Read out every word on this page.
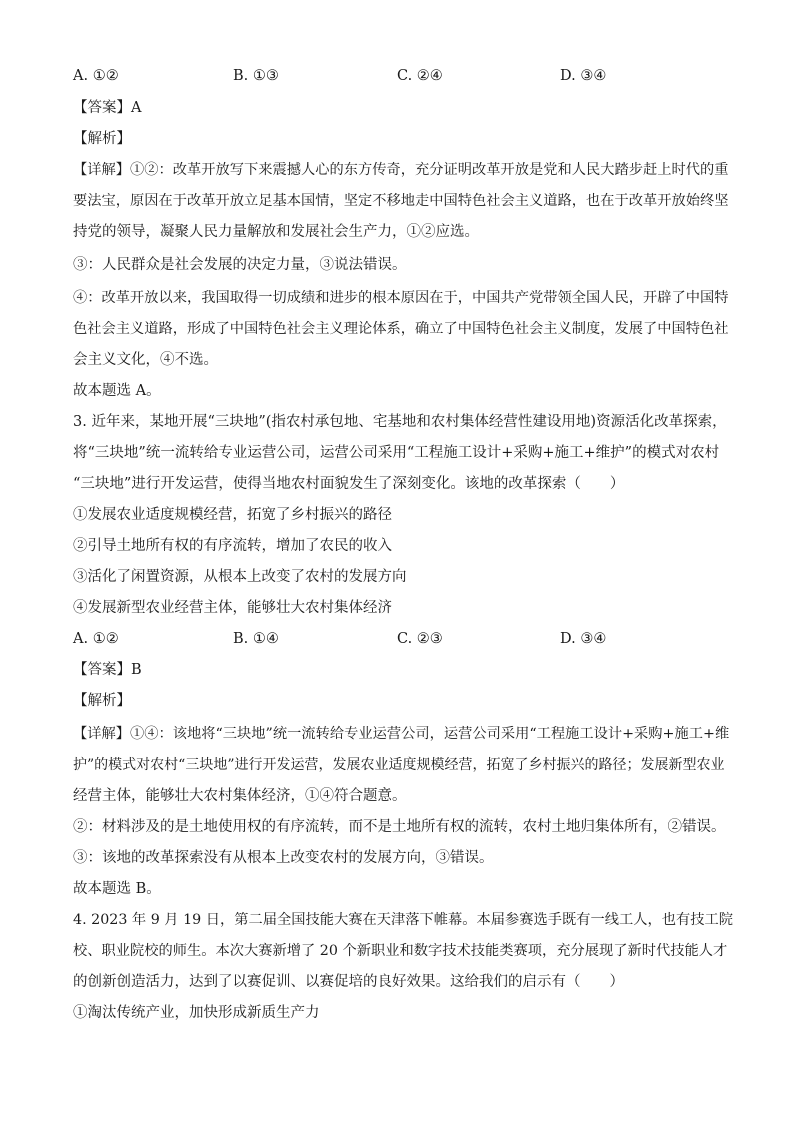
A. ①②	B. ①③	C. ②④	D. ③④
【答案】A
【解析】
【详解】①②：改革开放写下来震撼人心的东方传奇，充分证明改革开放是党和人民大踏步赶上时代的重
要法宝，原因在于改革开放立足基本国情，坚定不移地走中国特色社会主义道路，也在于改革开放始终坚
持党的领导，凝聚人民力量解放和发展社会生产力，①②应选。
③：人民群众是社会发展的决定力量，③说法错误。
④：改革开放以来，我国取得一切成绩和进步的根本原因在于，中国共产党带领全国人民，开辟了中国特
色社会主义道路，形成了中国特色社会主义理论体系，确立了中国特色社会主义制度，发展了中国特色社
会主义文化，④不选。
故本题选 A。
3. 近年来，某地开展“三块地”(指农村承包地、宅基地和农村集体经营性建设用地)资源活化改革探索，
将“三块地”统一流转给专业运营公司，运营公司采用“工程施工设计+采购+施工+维护”的模式对农村
“三块地”进行开发运营，使得当地农村面貌发生了深刻变化。该地的改革探索（　　）
①发展农业适度规模经营，拓宽了乡村振兴的路径
②引导土地所有权的有序流转，增加了农民的收入
③活化了闲置资源，从根本上改变了农村的发展方向
④发展新型农业经营主体，能够壮大农村集体经济
A. ①②	B. ①④	C. ②③	D. ③④
【答案】B
【解析】
【详解】①④：该地将“三块地”统一流转给专业运营公司，运营公司采用“工程施工设计+采购+施工+维
护”的模式对农村“三块地”进行开发运营，发展农业适度规模经营，拓宽了乡村振兴的路径；发展新型农业
经营主体，能够壮大农村集体经济，①④符合题意。
②：材料涉及的是土地使用权的有序流转，而不是土地所有权的流转，农村土地归集体所有，②错误。
③：该地的改革探索没有从根本上改变农村的发展方向，③错误。
故本题选 B。
4. 2023 年 9 月 19 日，第二届全国技能大赛在天津落下帷幕。本届参赛选手既有一线工人，也有技工院
校、职业院校的师生。本次大赛新增了 20 个新职业和数字技术技能类赛项，充分展现了新时代技能人才
的创新创造活力，达到了以赛促训、以赛促培的良好效果。这给我们的启示有（　　）
①淘汰传统产业，加快形成新质生产力
